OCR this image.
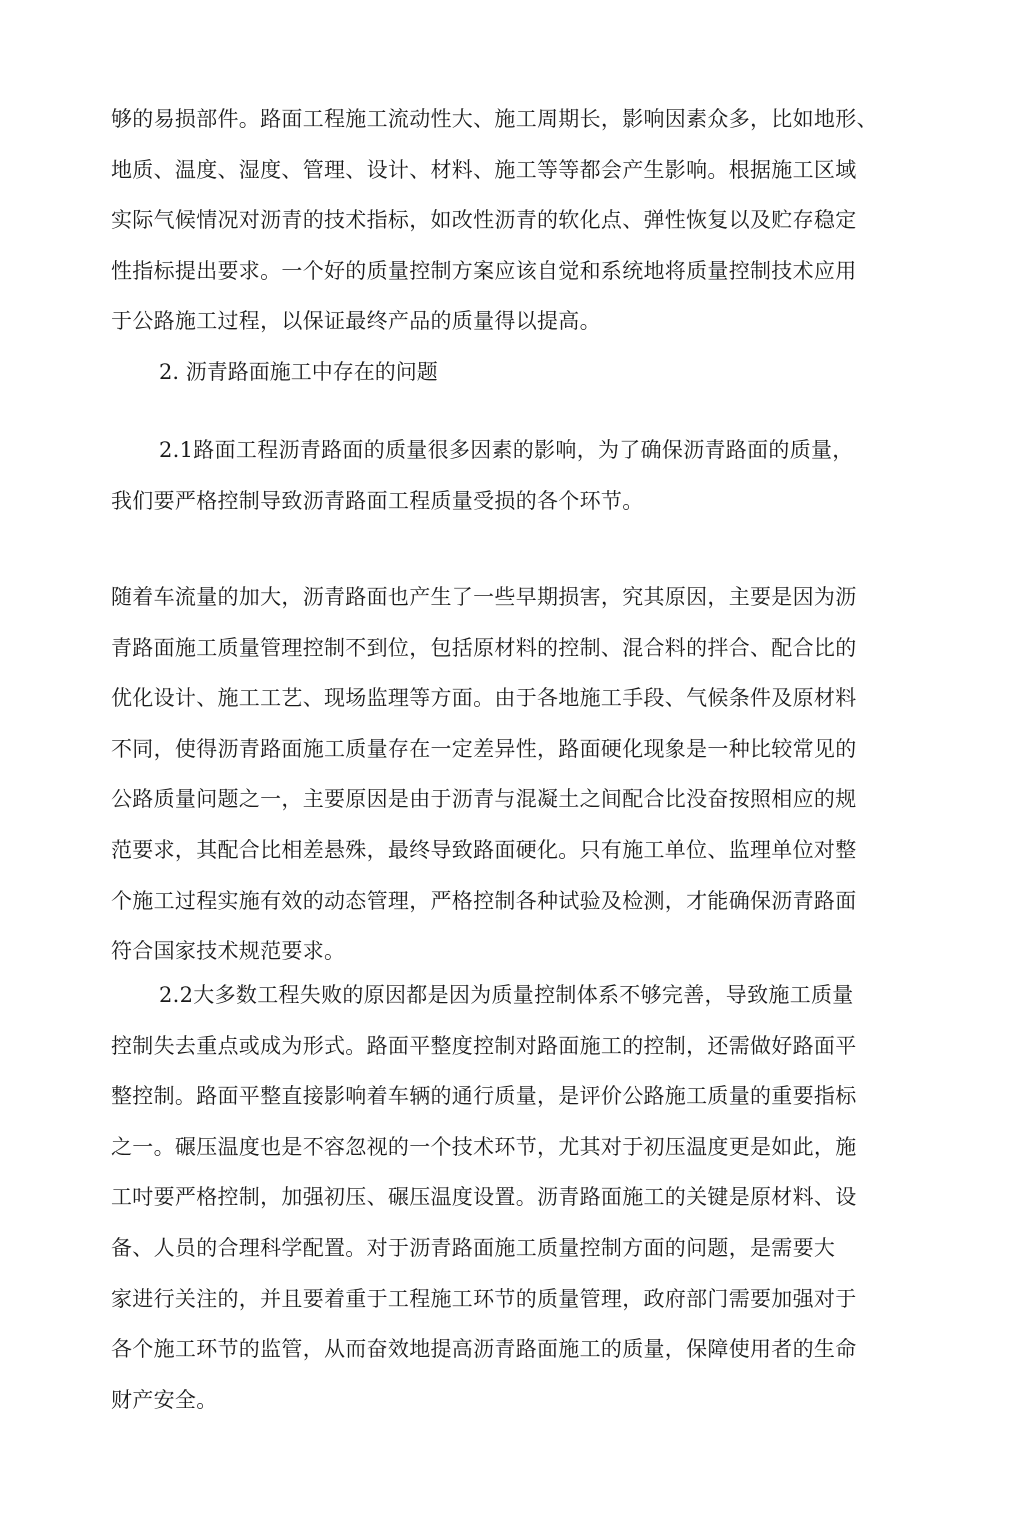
够的易损部件。路面工程施工流动性大、施工周期长，影响因素众多，比如地形、
地质、温度、湿度、管理、设计、材料、施工等等都会产生影响。根据施工区域
实际气候情况对沥青的技术指标，如改性沥青的软化点、弹性恢复以及贮存稳定
性指标提出要求。一个好的质量控制方案应该自觉和系统地将质量控制技术应用
于公路施工过程，以保证最终产品的质量得以提高。
2. 沥青路面施工中存在的问题
2.1路面工程沥青路面的质量很多因素的影响，为了确保沥青路面的质量，
我们要严格控制导致沥青路面工程质量受损的各个环节。
随着车流量的加大，沥青路面也产生了一些早期损害，究其原因，主要是因为沥
青路面施工质量管理控制不到位，包括原材料的控制、混合料的拌合、配合比的
优化设计、施工工艺、现场监理等方面。由于各地施工手段、气候条件及原材料
不同，使得沥青路面施工质量存在一定差异性，路面硬化现象是一种比较常见的
公路质量问题之一，主要原因是由于沥青与混凝土之间配合比没奋按照相应的规
范要求，其配合比相差悬殊，最终导致路面硬化。只有施工单位、监理单位对整
个施工过程实施有效的动态管理，严格控制各种试验及检测，才能确保沥青路面
符合国家技术规范要求。
2.2大多数工程失败的原因都是因为质量控制体系不够完善，导致施工质量
控制失去重点或成为形式。路面平整度控制对路面施工的控制，还需做好路面平
整控制。路面平整直接影响着车辆的通行质量，是评价公路施工质量的重要指标
之一。碾压温度也是不容忽视的一个技术环节，尤其对于初压温度更是如此，施
工吋要严格控制，加强初压、碾压温度设置。沥青路面施工的关键是原材料、设
备、人员的合理科学配置。对于沥青路面施工质量控制方面的问题，是需要大
家进行关注的，并且要着重于工程施工环节的质量管理，政府部门需要加强对于
各个施工环节的监管，从而奋效地提高沥青路面施工的质量，保障使用者的生命
财产安全。
